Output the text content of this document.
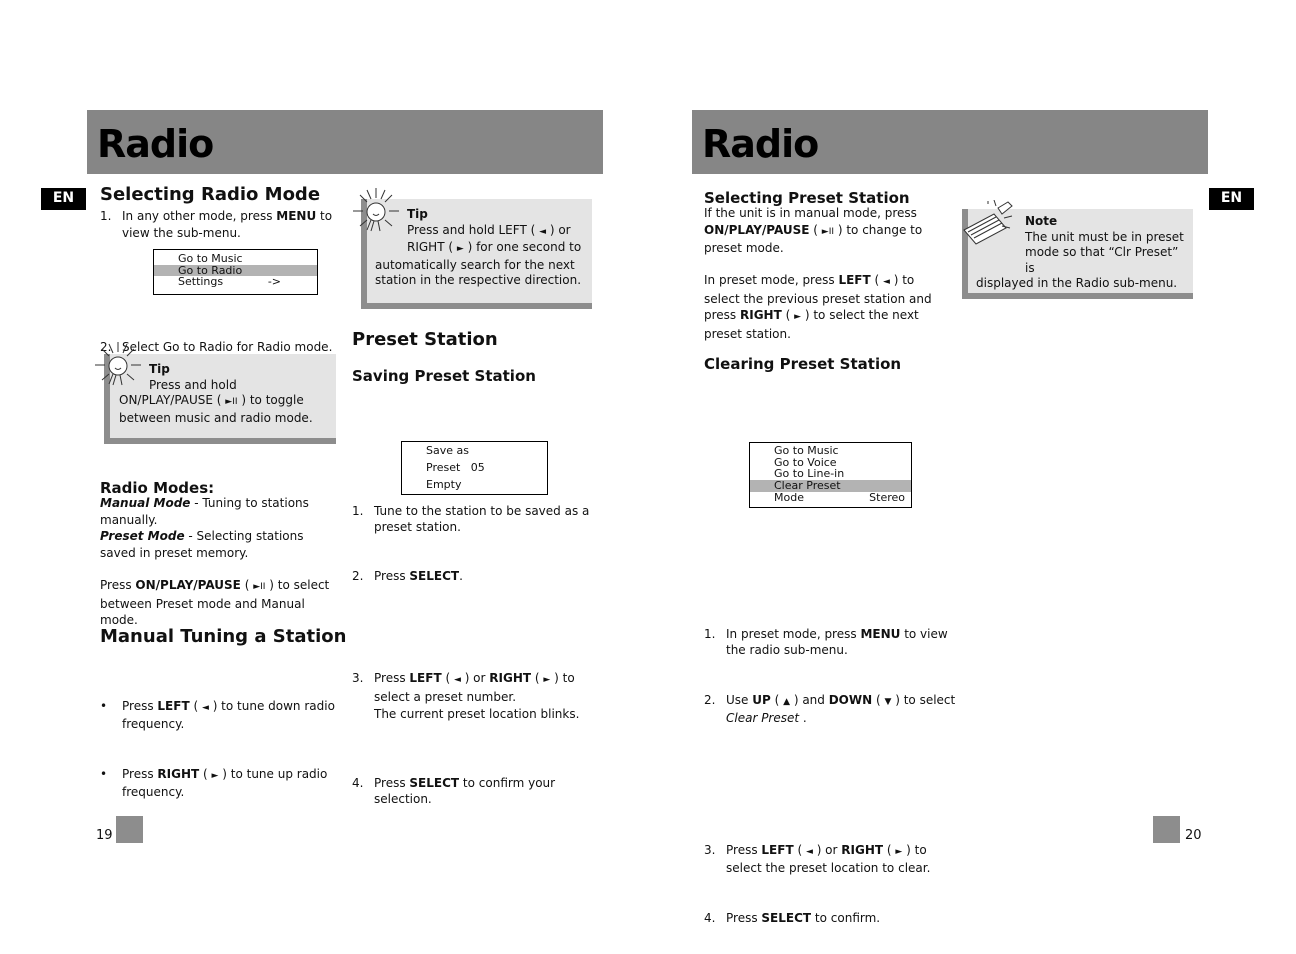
Radio
EN	Selecting Radio Mode
1. In any other mode, press MENU to view the sub-menu.
Go to Music
Go to Radio
Settings	->
2. Select Go to Radio for Radio mode.
Tip
Press and hold
ON/PLAY/PAUSE ( ►II ) to toggle
between music and radio mode.
Radio Modes:
Manual Mode - Tuning to stations manually.
Preset Mode - Selecting stations saved in preset memory.
Press ON/PLAY/PAUSE ( ►II ) to select between Preset mode and Manual mode.
Manual Tuning a Station
• Press LEFT ( ◄ ) to tune down radio frequency.
• Press RIGHT ( ► ) to tune up radio frequency.
Tip
Press and hold LEFT ( ◄ ) or
RIGHT ( ► ) for one second to
automatically search for the next
station in the respective direction.
Preset Station
Saving Preset Station
1. Tune to the station to be saved as a preset station.
2. Press SELECT.
Save as
Preset   05
Empty
3. Press LEFT ( ◄ ) or RIGHT ( ► ) to select a preset number.
The current preset location blinks.
4. Press SELECT to confirm your selection.
19
Radio
EN
Selecting Preset Station
If the unit is in manual mode, press ON/PLAY/PAUSE ( ►II ) to change to preset mode.
In preset mode, press LEFT ( ◄ ) to select the previous preset station and press RIGHT ( ► ) to select the next preset station.
Clearing Preset Station
1. In preset mode, press MENU to view the radio sub-menu.
2. Use UP ( ▲ ) and DOWN ( ▼ ) to select Clear Preset .
Go to Music
Go to Voice
Go to Line-in
Clear Preset
Mode	Stereo
3. Press LEFT ( ◄ ) or RIGHT ( ► ) to select the preset location to clear.
4. Press SELECT to confirm.
Note
The unit must be in preset
mode so that “Clr Preset” is
displayed in the Radio sub-menu.
20
